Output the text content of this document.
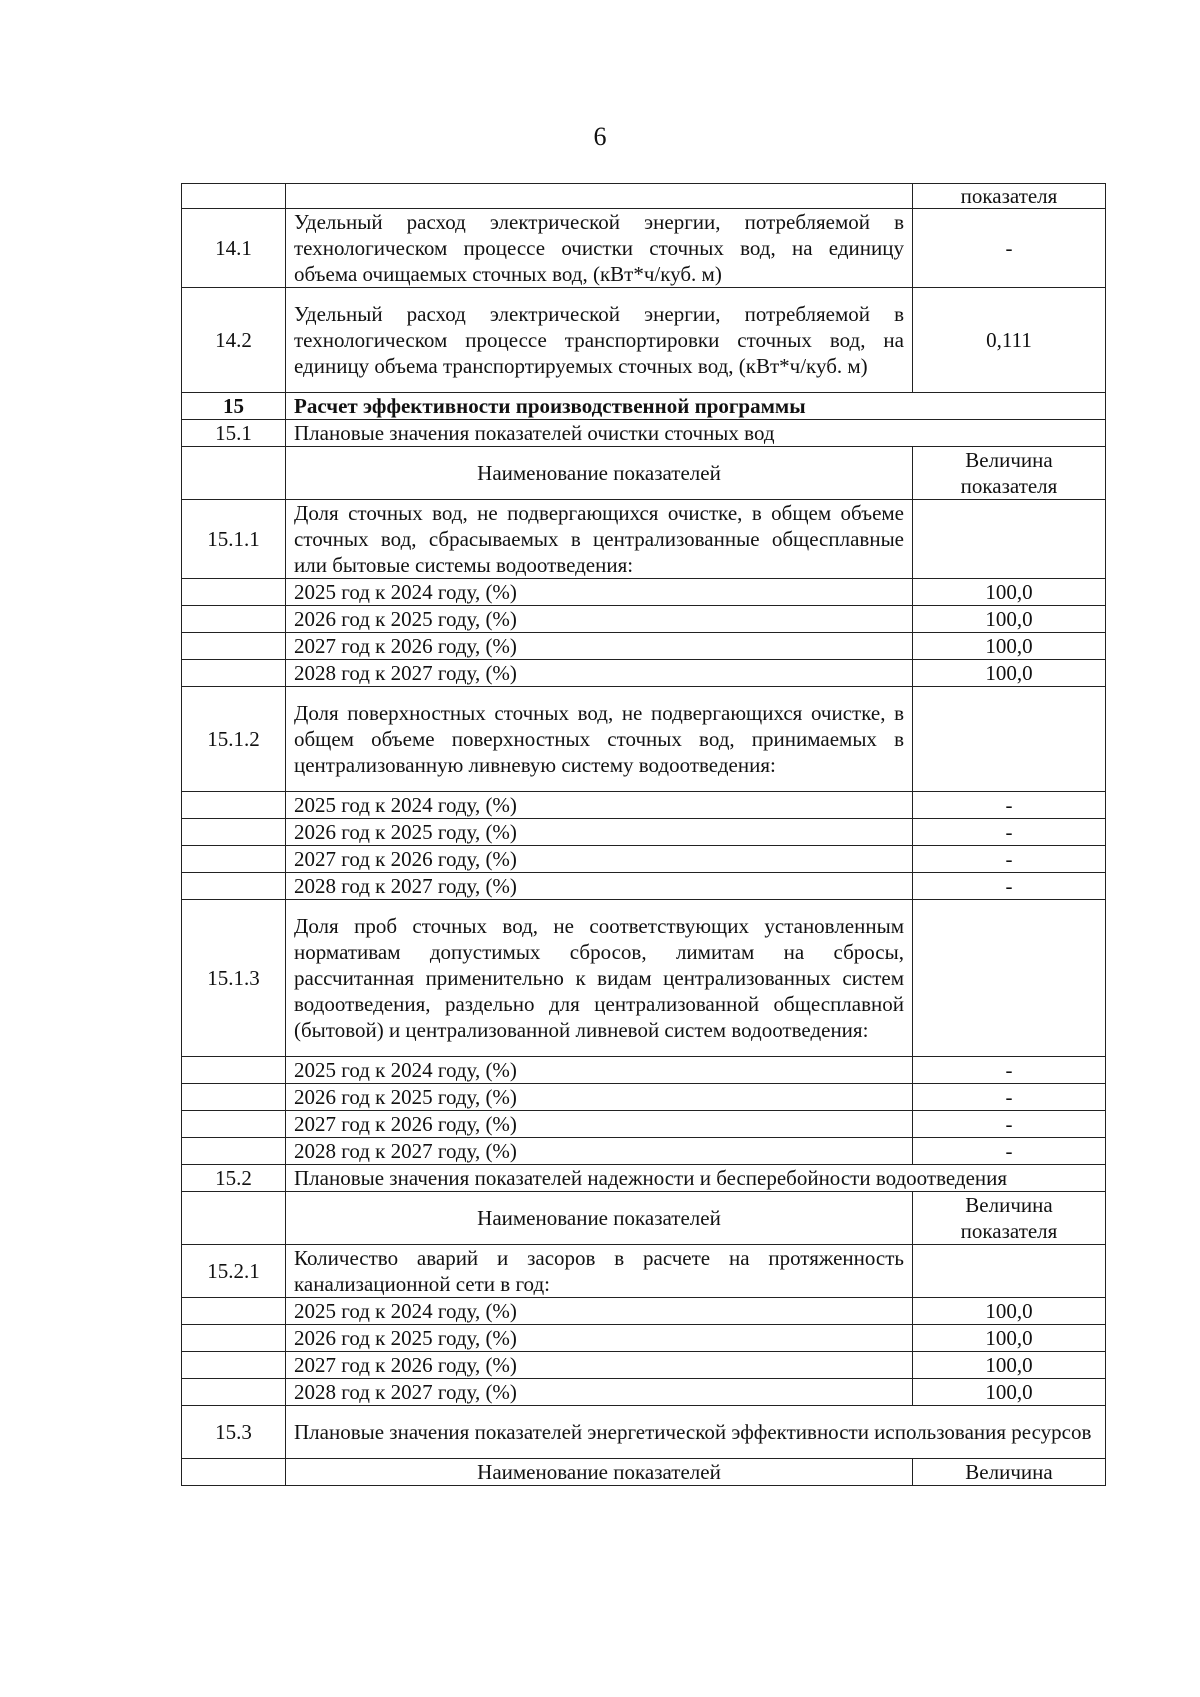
6
		показателя
14.1	Удельный расход электрической энергии, потребляемой в технологическом процессе очистки сточных вод, на единицу объема очищаемых сточных вод, (кВт*ч/куб. м)	-
14.2	Удельный расход электрической энергии, потребляемой в технологическом процессе транспортировки сточных вод, на единицу объема транспортируемых сточных вод, (кВт*ч/куб. м)	0,111
15	Расчет эффективности производственной программы	
15.1	Плановые значения показателей очистки сточных вод	
	Наименование показателей	Величина показателя
15.1.1	Доля сточных вод, не подвергающихся очистке, в общем объеме сточных вод, сбрасываемых в централизованные общесплавные или бытовые системы водоотведения:	
	2025 год к 2024 году, (%)	100,0
	2026 год к 2025 году, (%)	100,0
	2027 год к 2026 году, (%)	100,0
	2028 год к 2027 году, (%)	100,0
15.1.2	Доля поверхностных сточных вод, не подвергающихся очистке, в общем объеме поверхностных сточных вод, принимаемых в централизованную ливневую систему водоотведения:	
	2025 год к 2024 году, (%)	-
	2026 год к 2025 году, (%)	-
	2027 год к 2026 году, (%)	-
	2028 год к 2027 году, (%)	-
15.1.3	Доля проб сточных вод, не соответствующих установленным нормативам допустимых сбросов, лимитам на сбросы, рассчитанная применительно к видам централизованных систем водоотведения, раздельно для централизованной общесплавной (бытовой) и централизованной ливневой систем водоотведения:	
	2025 год к 2024 году, (%)	-
	2026 год к 2025 году, (%)	-
	2027 год к 2026 году, (%)	-
	2028 год к 2027 году, (%)	-
15.2	Плановые значения показателей надежности и бесперебойности водоотведения	
	Наименование показателей	Величина показателя
15.2.1	Количество аварий и засоров в расчете на протяженность канализационной сети в год:	
	2025 год к 2024 году, (%)	100,0
	2026 год к 2025 году, (%)	100,0
	2027 год к 2026 году, (%)	100,0
	2028 год к 2027 году, (%)	100,0
15.3	Плановые значения показателей энергетической эффективности использования ресурсов	
	Наименование показателей	Величина
